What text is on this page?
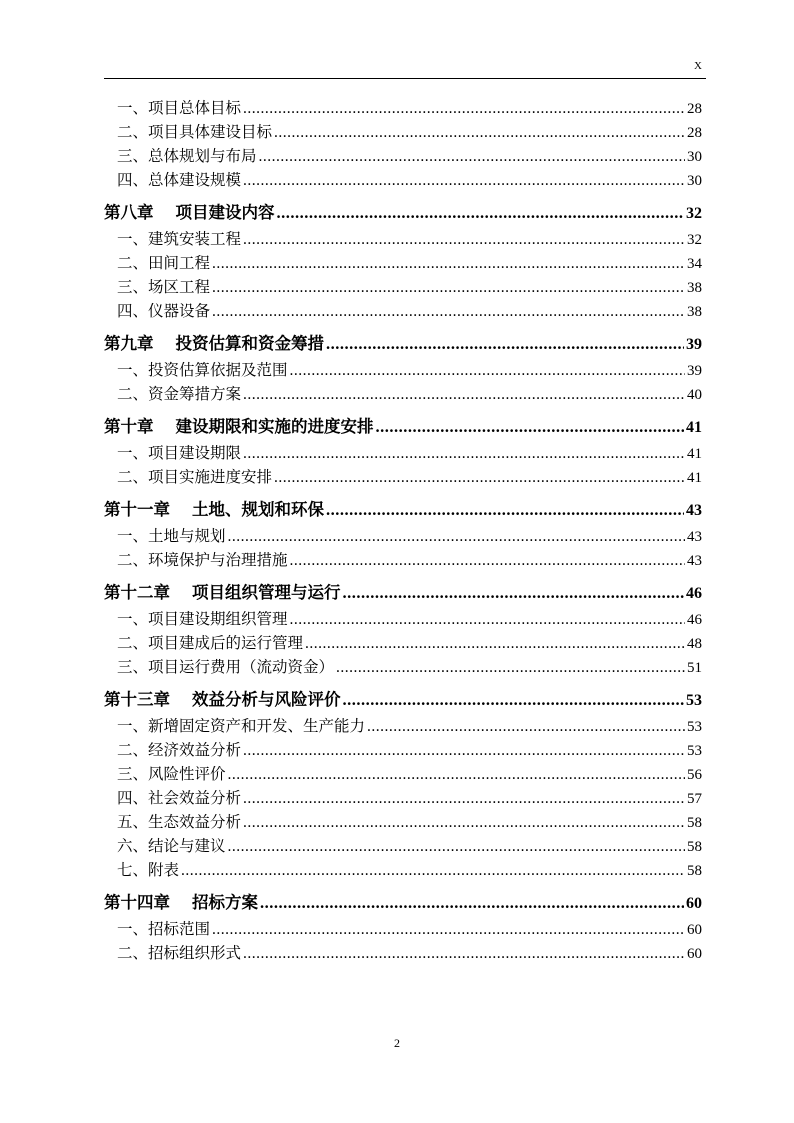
X
一、项目总体目标 .....	28
二、项目具体建设目标 .....	28
三、总体规划与布局 .....	30
四、总体建设规模 .....	30
第八章 项目建设内容 .....	32
一、建筑安装工程 .....	32
二、田间工程 .....	34
三、场区工程 .....	38
四、仪器设备 .....	38
第九章 投资估算和资金筹措 .....	39
一、投资估算依据及范围 .....	39
二、资金筹措方案 .....	40
第十章 建设期限和实施的进度安排 .....	41
一、项目建设期限 .....	41
二、项目实施进度安排 .....	41
第十一章 土地、规划和环保 .....	43
一、土地与规划 .....	43
二、环境保护与治理措施 .....	43
第十二章 项目组织管理与运行 .....	46
一、项目建设期组织管理 .....	46
二、项目建成后的运行管理 .....	48
三、项目运行费用（流动资金） .....	51
第十三章 效益分析与风险评价 .....	53
一、新增固定资产和开发、生产能力 .....	53
二、经济效益分析 .....	53
三、风险性评价 .....	56
四、社会效益分析 .....	57
五、生态效益分析 .....	58
六、结论与建议 .....	58
七、附表 .....	58
第十四章 招标方案 .....	60
一、招标范围 .....	60
二、招标组织形式 .....	60
2
